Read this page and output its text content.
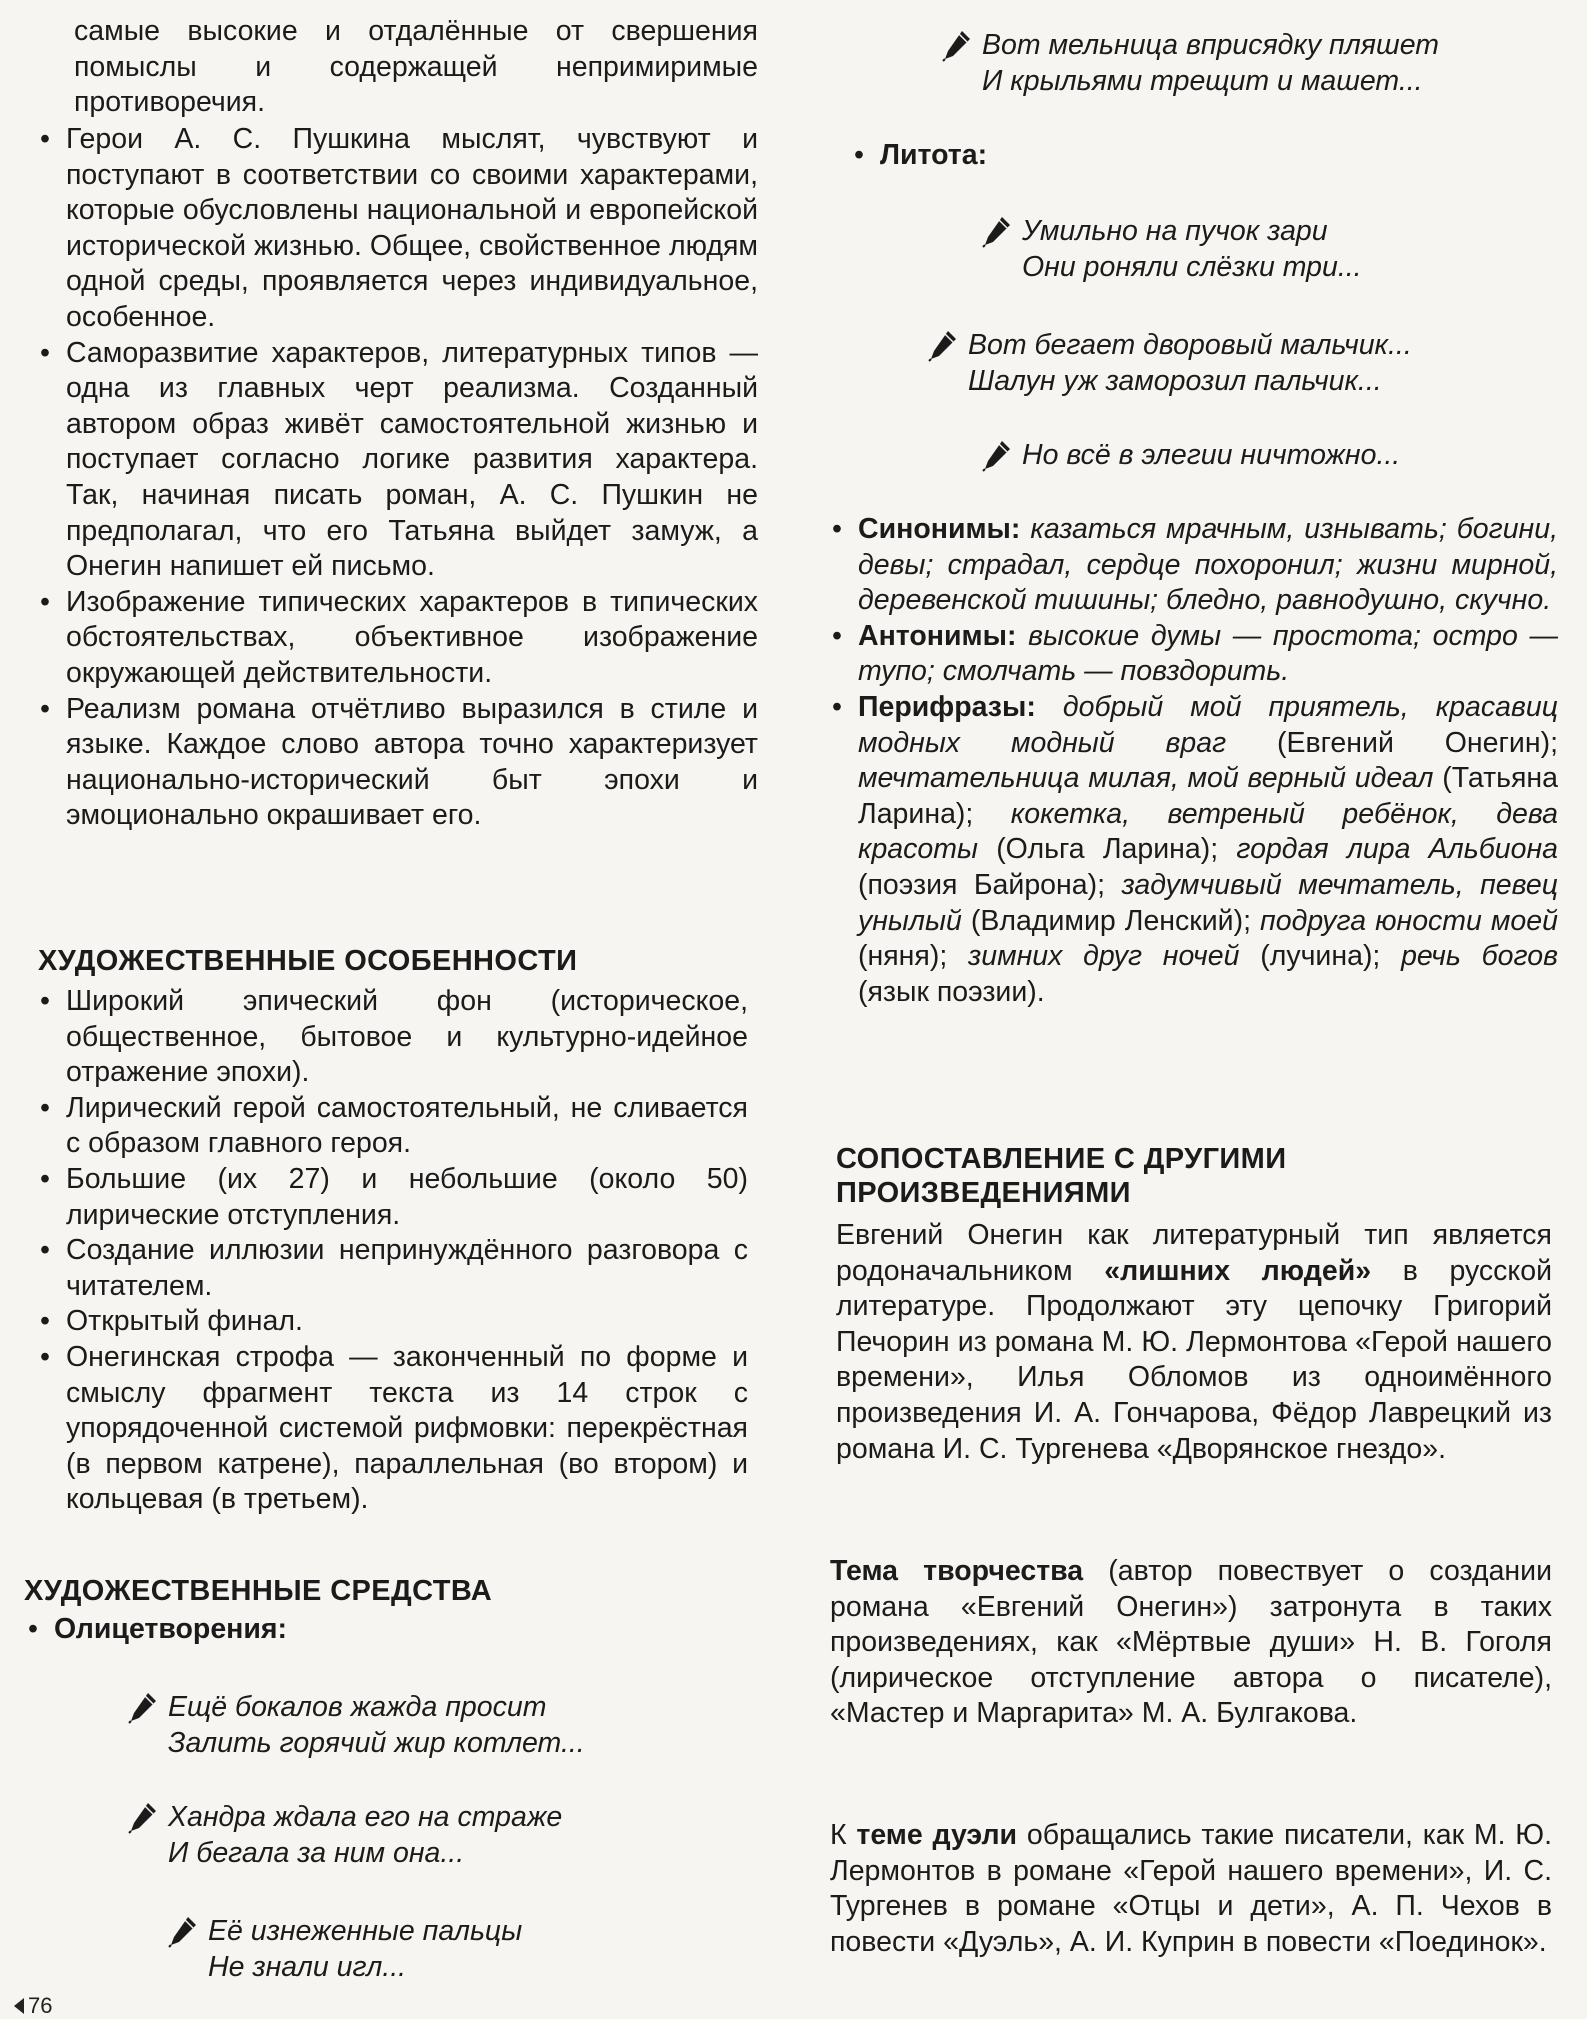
самые высокие и отдалённые от свершения помыслы и содержащей непримиримые противоречия.

• Герои А. С. Пушкина мыслят, чувствуют и поступают в соответствии со своими характерами, которые обусловлены национальной и европейской исторической жизнью. Общее, свойственное людям одной среды, проявляется через индивидуальное, особенное.

• Саморазвитие характеров, литературных типов — одна из главных черт реализма. Созданный автором образ живёт самостоятельной жизнью и поступает согласно логике развития характера. Так, начиная писать роман, А. С. Пушкин не предполагал, что его Татьяна выйдет замуж, а Онегин напишет ей письмо.

• Изображение типических характеров в типических обстоятельствах, объективное изображение окружающей действительности.

• Реализм романа отчётливо выразился в стиле и языке. Каждое слово автора точно характеризует национально-исторический быт эпохи и эмоционально окрашивает его.

ХУДОЖЕСТВЕННЫЕ ОСОБЕННОСТИ

• Широкий эпический фон (историческое, общественное, бытовое и культурно-идейное отражение эпохи).

• Лирический герой самостоятельный, не сливается с образом главного героя.

• Большие (их 27) и небольшие (около 50) лирические отступления.

• Создание иллюзии непринуждённого разговора с читателем.

• Открытый финал.

• Онегинская строфа — законченный по форме и смыслу фрагмент текста из 14 строк с упорядоченной системой рифмовки: перекрёстная (в первом катрене), параллельная (во втором) и кольцевая (в третьем).

ХУДОЖЕСТВЕННЫЕ СРЕДСТВА

• Олицетворения:

Ещё бокалов жажда просит
Залить горячий жир котлет...
Хандра ждала его на страже
И бегала за ним она...
Её изнеженные пальцы
Не знали игл...
Вот мельница вприсядку пляшет
И крыльями трещит и машет...

• Литота:

Умильно на пучок зари
Они роняли слёзки три...
Вот бегает дворовый мальчик...
Шалун уж заморозил пальчик...
Но всё в элегии ничтожно...

• Синонимы: казаться мрачным, изнывать; богини, девы; страдал, сердце похоронил; жизни мирной, деревенской тишины; бледно, равнодушно, скучно.

• Антонимы: высокие думы — простота; остро — тупо; смолчать — повздорить.

• Перифразы: добрый мой приятель, красавиц модных модный враг (Евгений Онегин); мечтательница милая, мой верный идеал (Татьяна Ларина); кокетка, ветреный ребёнок, дева красоты (Ольга Ларина); гордая лира Альбиона (поэзия Байрона); задумчивый мечтатель, певец унылый (Владимир Ленский); подруга юности моей (няня); зимних друг ночей (лучина); речь богов (язык поэзии).

СОПОСТАВЛЕНИЕ С ДРУГИМИ ПРОИЗВЕДЕНИЯМИ

Евгений Онегин как литературный тип является родоначальником «лишних людей» в русской литературе. Продолжают эту цепочку Григорий Печорин из романа М. Ю. Лермонтова «Герой нашего времени», Илья Обломов из одноимённого произведения И. А. Гончарова, Фёдор Лаврецкий из романа И. С. Тургенева «Дворянское гнездо».

Тема творчества (автор повествует о создании романа «Евгений Онегин») затронута в таких произведениях, как «Мёртвые души» Н. В. Гоголя (лирическое отступление автора о писателе), «Мастер и Маргарита» М. А. Булгакова.

К теме дуэли обращались такие писатели, как М. Ю. Лермонтов в романе «Герой нашего времени», И. С. Тургенев в романе «Отцы и дети», А. П. Чехов в повести «Дуэль», А. И. Куприн в повести «Поединок».

76
